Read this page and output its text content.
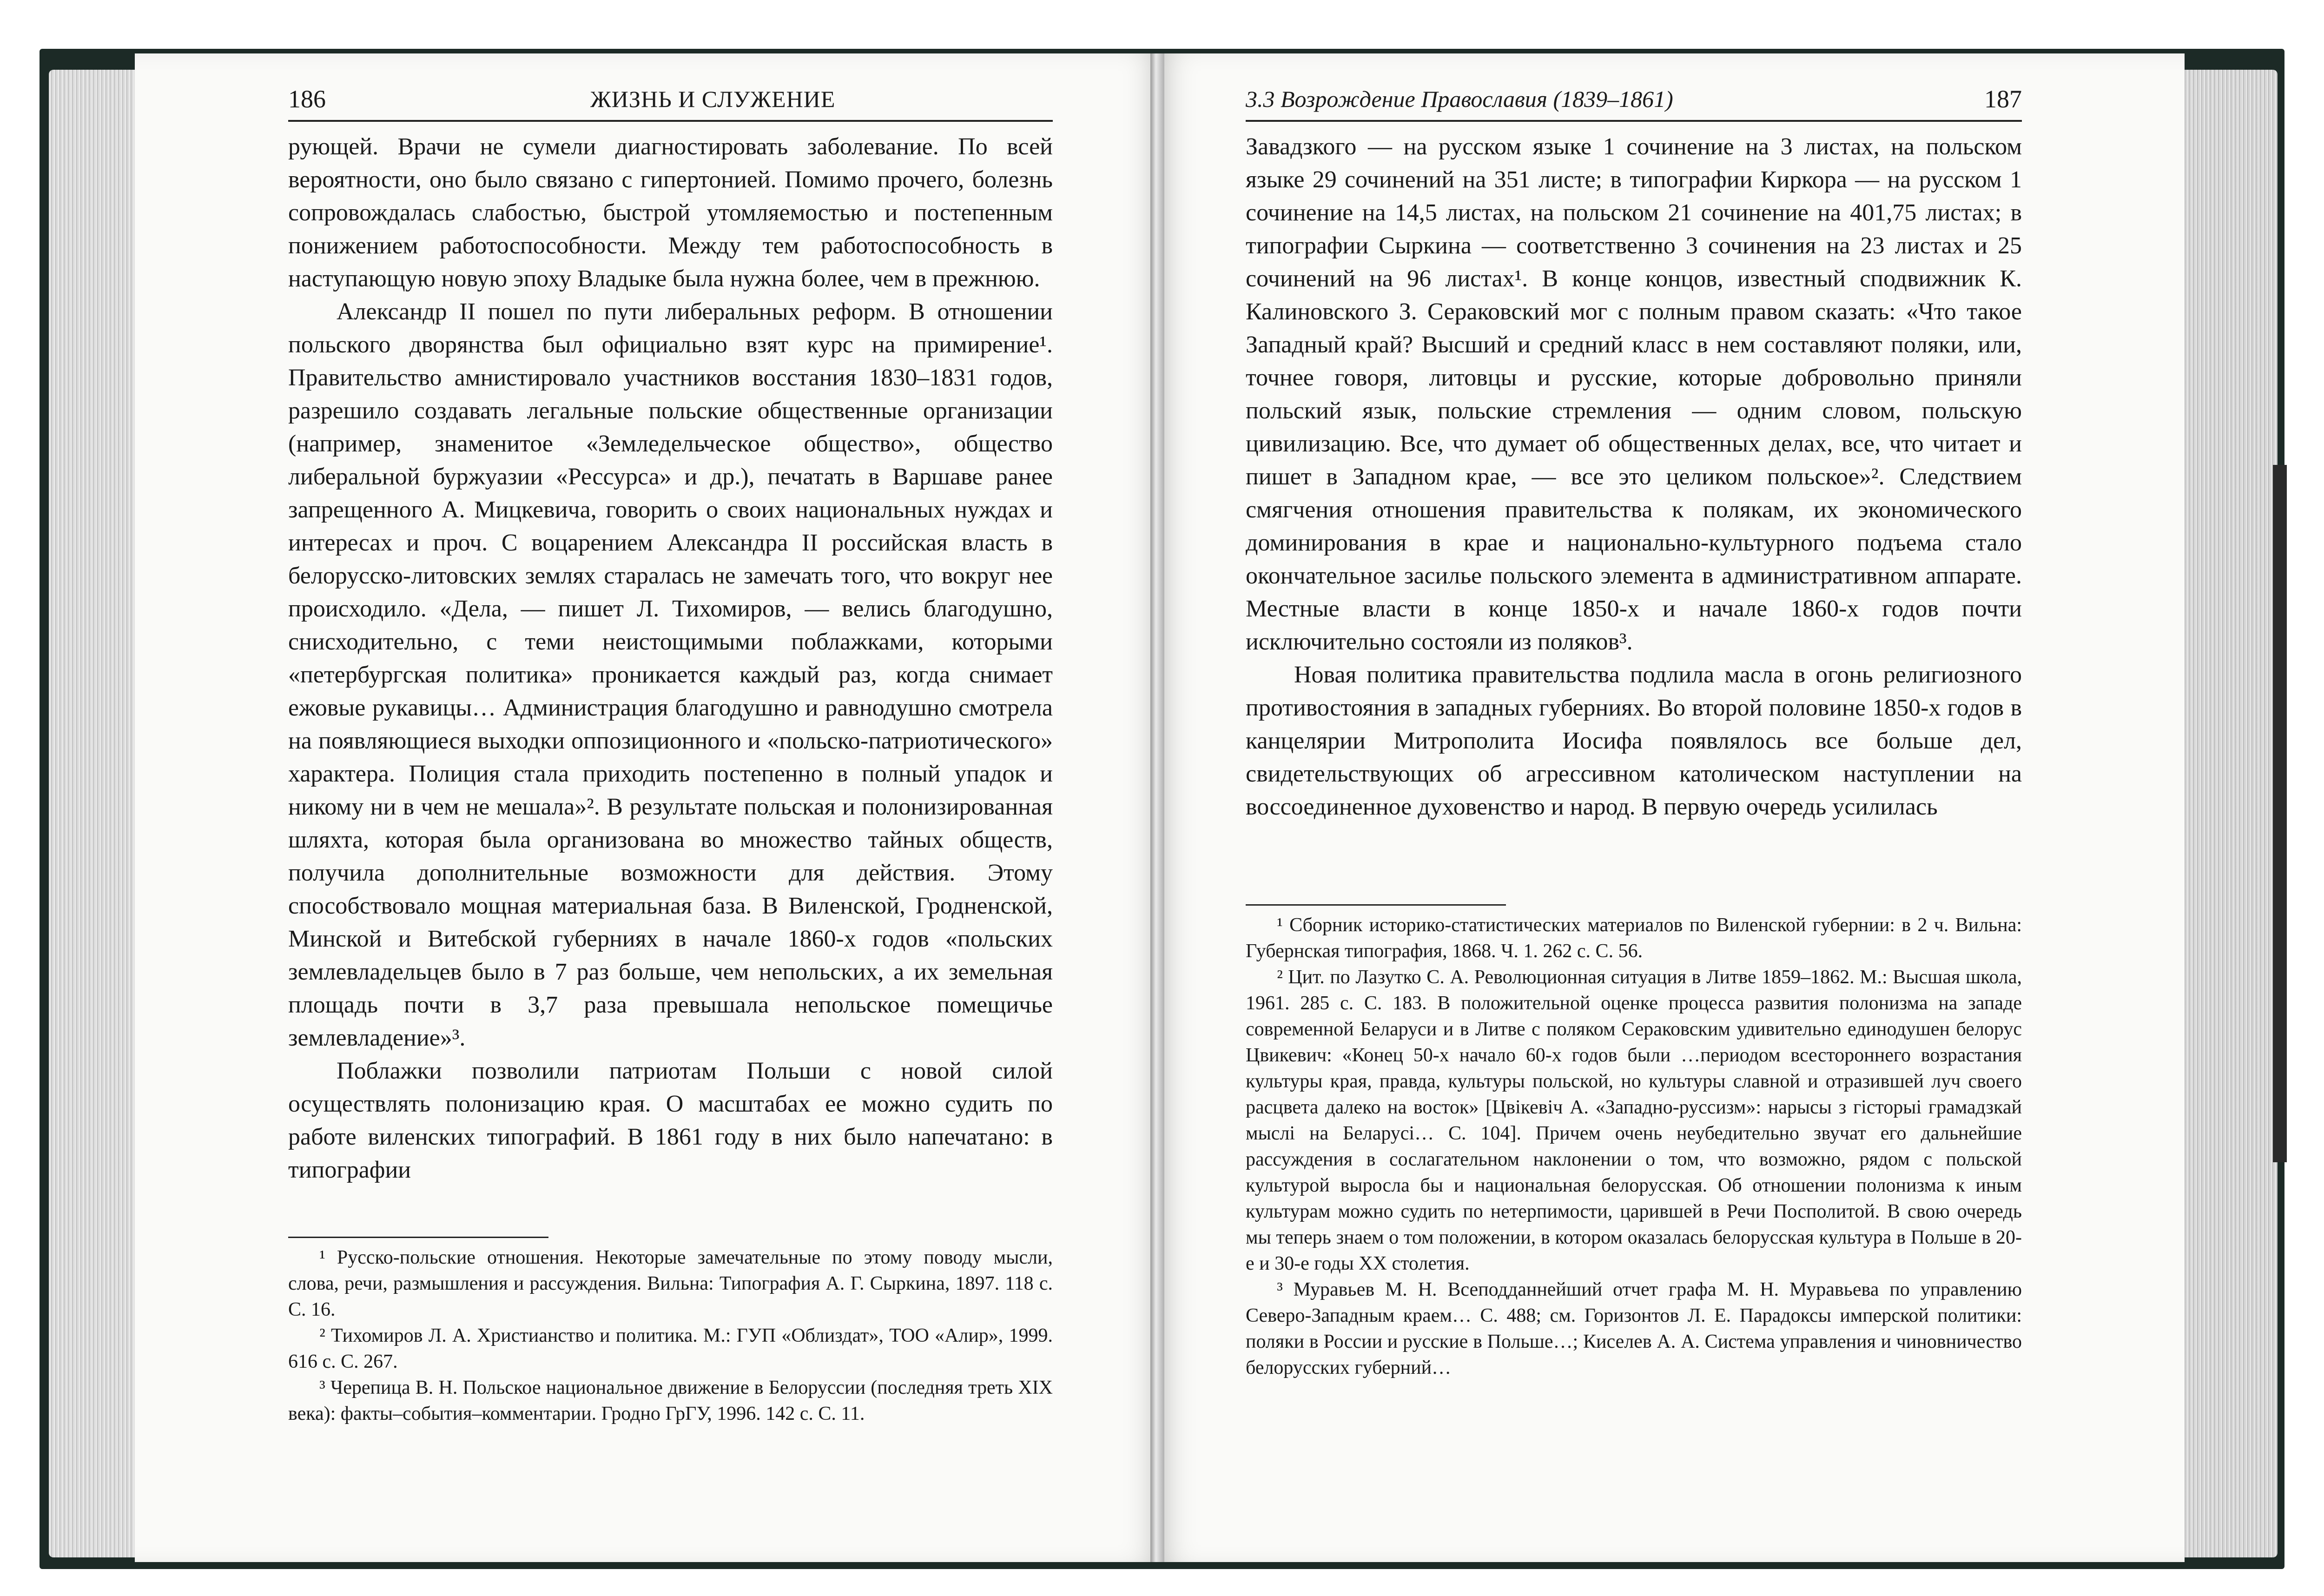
186	ЖИЗНЬ И СЛУЖЕНИЕ

рующей. Врачи не сумели диагностировать заболевание. По всей вероятности, оно было связано с гипертонией. Помимо прочего, болезнь сопровождалась слабостью, быстрой утомляемостью и постепенным понижением работоспособности. Между тем работоспособность в наступающую новую эпоху Владыке была нужна более, чем в прежнюю.

Александр II пошел по пути либеральных реформ. В отношении польского дворянства был официально взят курс на примирение¹. Правительство амнистировало участников восстания 1830–1831 годов, разрешило создавать легальные польские общественные организации (например, знаменитое «Земледельческое общество», общество либеральной буржуазии «Рессурса» и др.), печатать в Варшаве ранее запрещенного А. Мицкевича, говорить о своих национальных нуждах и интересах и проч. С воцарением Александра II российская власть в белорусско-литовских землях старалась не замечать того, что вокруг нее происходило. «Дела, — пишет Л. Тихомиров, — велись благодушно, снисходительно, с теми неистощимыми поблажками, которыми «петербургская политика» проникается каждый раз, когда снимает ежовые рукавицы… Администрация благодушно и равнодушно смотрела на появляющиеся выходки оппозиционного и «польско-патриотического» характера. Полиция стала приходить постепенно в полный упадок и никому ни в чем не мешала»². В результате польская и полонизированная шляхта, которая была организована во множество тайных обществ, получила дополнительные возможности для действия. Этому способствовало мощная материальная база. В Виленской, Гродненской, Минской и Витебской губерниях в начале 1860-х годов «польских землевладельцев было в 7 раз больше, чем непольских, а их земельная площадь почти в 3,7 раза превышала непольское помещичье землевладение»³.

Поблажки позволили патриотам Польши с новой силой осуществлять полонизацию края. О масштабах ее можно судить по работе виленских типографий. В 1861 году в них было напечатано: в типографии

¹ Русско-польские отношения. Некоторые замечательные по этому поводу мысли, слова, речи, размышления и рассуждения. Вильна: Типография А. Г. Сыркина, 1897. 118 с. С. 16.

² Тихомиров Л. А. Христианство и политика. М.: ГУП «Облиздат», ТОО «Алир», 1999. 616 с. С. 267.

³ Черепица В. Н. Польское национальное движение в Белоруссии (последняя треть XIX века): факты–события–комментарии. Гродно ГрГУ, 1996. 142 с. С. 11.

3.3 Возрождение Православия (1839–1861)	187

Завадзкого — на русском языке 1 сочинение на 3 листах, на польском языке 29 сочинений на 351 листе; в типографии Киркора — на русском 1 сочинение на 14,5 листах, на польском 21 сочинение на 401,75 листах; в типографии Сыркина — соответственно 3 сочинения на 23 листах и 25 сочинений на 96 листах¹. В конце концов, известный сподвижник К. Калиновского З. Сераковский мог с полным правом сказать: «Что такое Западный край? Высший и средний класс в нем составляют поляки, или, точнее говоря, литовцы и русские, которые добровольно приняли польский язык, польские стремления — одним словом, польскую цивилизацию. Все, что думает об общественных делах, все, что читает и пишет в Западном крае, — все это целиком польское»². Следствием смягчения отношения правительства к полякам, их экономического доминирования в крае и национально-культурного подъема стало окончательное засилье польского элемента в административном аппарате. Местные власти в конце 1850-х и начале 1860-х годов почти исключительно состояли из поляков³.

Новая политика правительства подлила масла в огонь религиозного противостояния в западных губерниях. Во второй половине 1850-х годов в канцелярии Митрополита Иосифа появлялось все больше дел, свидетельствующих об агрессивном католическом наступлении на воссоединенное духовенство и народ. В первую очередь усилилась

¹ Сборник историко-статистических материалов по Виленской губернии: в 2 ч. Вильна: Губернская типография, 1868. Ч. 1. 262 с. С. 56.

² Цит. по Лазутко С. А. Революционная ситуация в Литве 1859–1862. М.: Высшая школа, 1961. 285 с. С. 183. В положительной оценке процесса развития полонизма на западе современной Беларуси и в Литве с поляком Сераковским удивительно единодушен белорус Цвикевич: «Конец 50-х начало 60-х годов были …периодом всестороннего возрастания культуры края, правда, культуры польской, но культуры славной и отразившей луч своего расцвета далеко на восток» [Цвікевіч А. «Западно-руссизм»: нарысы з гісторыі грамадзкай мыслі на Беларусі… С. 104]. Причем очень неубедительно звучат его дальнейшие рассуждения в сослагательном наклонении о том, что возможно, рядом с польской культурой выросла бы и национальная белорусская. Об отношении полонизма к иным культурам можно судить по нетерпимости, царившей в Речи Посполитой. В свою очередь мы теперь знаем о том положении, в котором оказалась белорусская культура в Польше в 20-е и 30-е годы XX столетия.

³ Муравьев М. Н. Всеподданнейший отчет графа М. Н. Муравьева по управлению Северо-Западным краем… С. 488; см. Горизонтов Л. Е. Парадоксы имперской политики: поляки в России и русские в Польше…; Киселев А. А. Система управления и чиновничество белорусских губерний…
